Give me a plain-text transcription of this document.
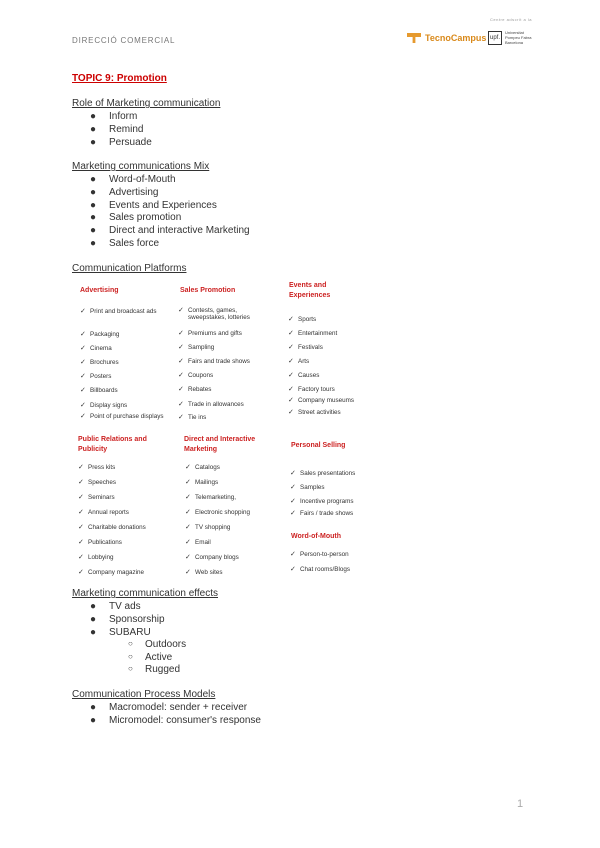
DIRECCIÓ COMERCIAL
Centre adscrit a la
TecnoCampus upf.
Universitat Pompeu Fabra Barcelona
TOPIC 9: Promotion
Role of Marketing communication
● Inform
● Remind
● Persuade
Marketing communications Mix
● Word-of-Mouth
● Advertising
● Events and Experiences
● Sales promotion
● Direct and interactive Marketing
● Sales force
Communication Platforms
Advertising
✓ Print and broadcast ads
✓ Packaging
✓ Cinema
✓ Brochures
✓ Posters
✓ Billboards
✓ Display signs
✓ Point of purchase displays
Sales Promotion
✓ Contests, games, sweepstakes, lotteries
✓ Premiums and gifts
✓ Sampling
✓ Fairs and trade shows
✓ Coupons
✓ Rebates
✓ Trade in allowances
✓ Tie ins
Events and Experiences
✓ Sports
✓ Entertainment
✓ Festivals
✓ Arts
✓ Causes
✓ Factory tours
✓ Company museums
✓ Street activities
Public Relations and Publicity
✓ Press kits
✓ Speeches
✓ Seminars
✓ Annual reports
✓ Charitable donations
✓ Publications
✓ Lobbying
✓ Company magazine
Direct and Interactive Marketing
✓ Catalogs
✓ Mailings
✓ Telemarketing,
✓ Electronic shopping
✓ TV shopping
✓ Email
✓ Company blogs
✓ Web sites
Personal Selling
✓ Sales presentations
✓ Samples
✓ Incentive programs
✓ Fairs / trade shows
Word-of-Mouth
✓ Person-to-person
✓ Chat rooms/Blogs
Marketing communication effects
● TV ads
● Sponsorship
● SUBARU
○ Outdoors
○ Active
○ Rugged
Communication Process Models
● Macromodel: sender + receiver
● Micromodel: consumer's response
1
